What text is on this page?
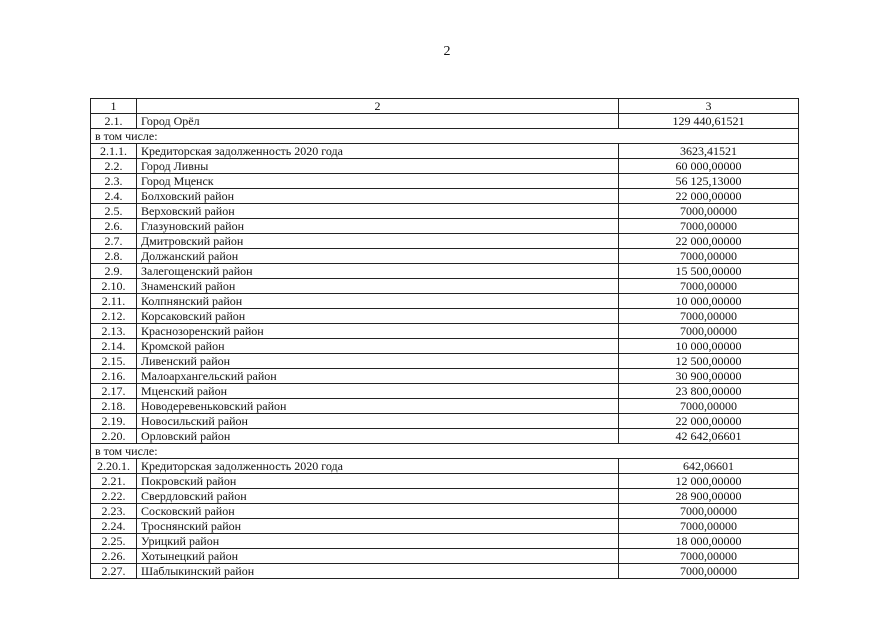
2
1	2	3
2.1.	Город Орёл	129 440,61521
в том числе:		
2.1.1.	Кредиторская задолженность 2020 года	3623,41521
2.2.	Город Ливны	60 000,00000
2.3.	Город Мценск	56 125,13000
2.4.	Болховский район	22 000,00000
2.5.	Верховский район	7000,00000
2.6.	Глазуновский район	7000,00000
2.7.	Дмитровский район	22 000,00000
2.8.	Должанский район	7000,00000
2.9.	Залегощенский район	15 500,00000
2.10.	Знаменский район	7000,00000
2.11.	Колпнянский район	10 000,00000
2.12.	Корсаковский район	7000,00000
2.13.	Краснозоренский район	7000,00000
2.14.	Кромской район	10 000,00000
2.15.	Ливенский район	12 500,00000
2.16.	Малоархангельский район	30 900,00000
2.17.	Мценский район	23 800,00000
2.18.	Новодеревеньковский район	7000,00000
2.19.	Новосильский район	22 000,00000
2.20.	Орловский район	42 642,06601
в том числе:		
2.20.1.	Кредиторская задолженность 2020 года	642,06601
2.21.	Покровский район	12 000,00000
2.22.	Свердловский район	28 900,00000
2.23.	Сосковский район	7000,00000
2.24.	Троснянский район	7000,00000
2.25.	Урицкий район	18 000,00000
2.26.	Хотынецкий район	7000,00000
2.27.	Шаблыкинский район	7000,00000
